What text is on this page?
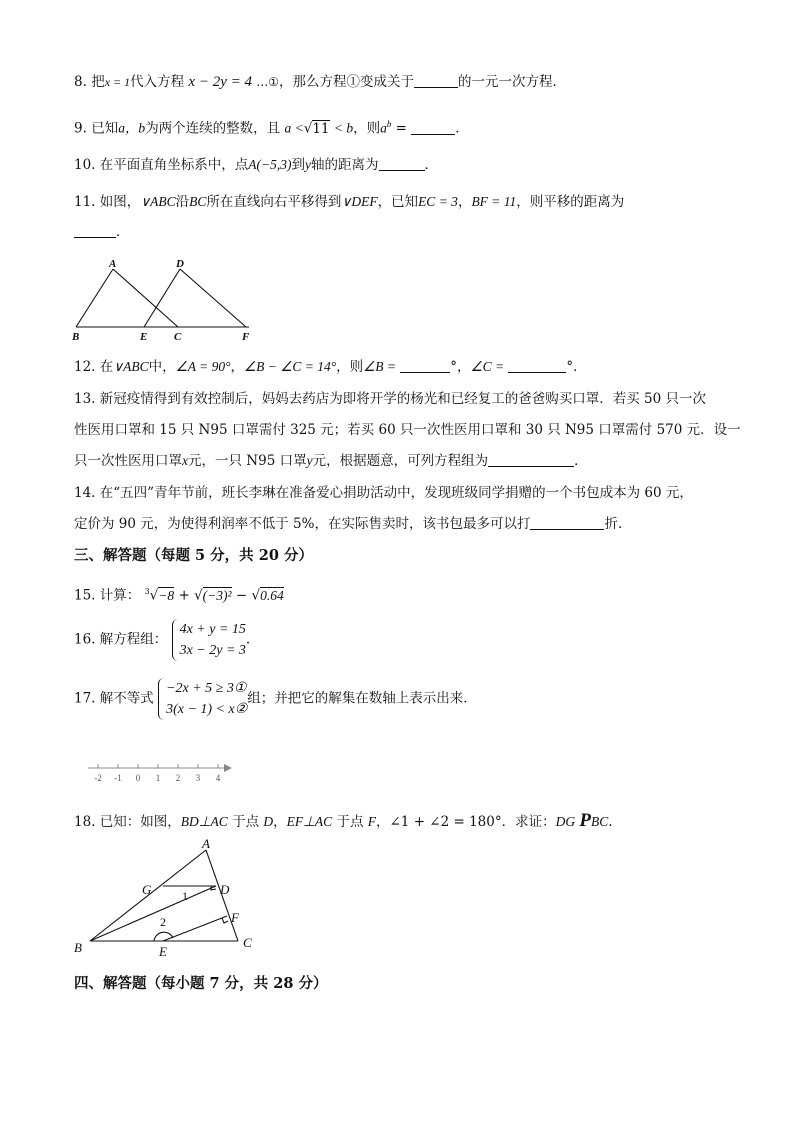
8. 把x = 1代入方程 x − 2y = 4 …①，那么方程①变成关于	的一元一次方程．
9. 已知a，b为两个连续的整数，且 a <√11 < b，则$a^b$ =	．
10. 在平面直角坐标系中，点A(−5,3)到y轴的距离为	．
11. 如图，∨ABC沿BC所在直线向右平移得到∨DEF，已知EC = 3，BF = 11，则平移的距离为
．
A
B	C
D
E	F
12. 在∨ABC中，∠A = 90°，∠B − ∠C = 14°，则∠B =	°，∠C =	°．
13. 新冠疫情得到有效控制后，妈妈去药店为即将开学的杨光和已经复工的爸爸购买口罩．若买 50 只一次
性医用口罩和 15 只 N95 口罩需付 325 元；若买 60 只一次性医用口罩和 30 只 N95 口罩需付 570 元．设一
只一次性医用口罩x元，一只 N95 口罩y元，根据题意，可列方程组为	．
14. 在“五四”青年节前，班长李琳在准备爱心捐助活动中，发现班级同学捐赠的一个书包成本为 60 元，
定价为 90 元，为使得利润率不低于 5%，在实际售卖时，该书包最多可以打	折．
三、解答题（每题 5 分，共 20 分）
15. 计算： $^3$√−8 + √(−3)² − √0.64
16. 解方程组：
4x + y = 15
3x − 2y = 3
.
17. 解不等式
−2x + 5 ≥ 3①
3(x − 1) < x②
组；并把它的解集在数轴上表示出来．
-2 -1 0 1 2 3 4
18. 已知：如图，BD⊥AC 于点 D，EF⊥AC 于点 F，∠1 + ∠2 = 180°．求证：DG PBC.
A
G	D
F
B	E
C
1
2
四、解答题（每小题 7 分，共 28 分）
